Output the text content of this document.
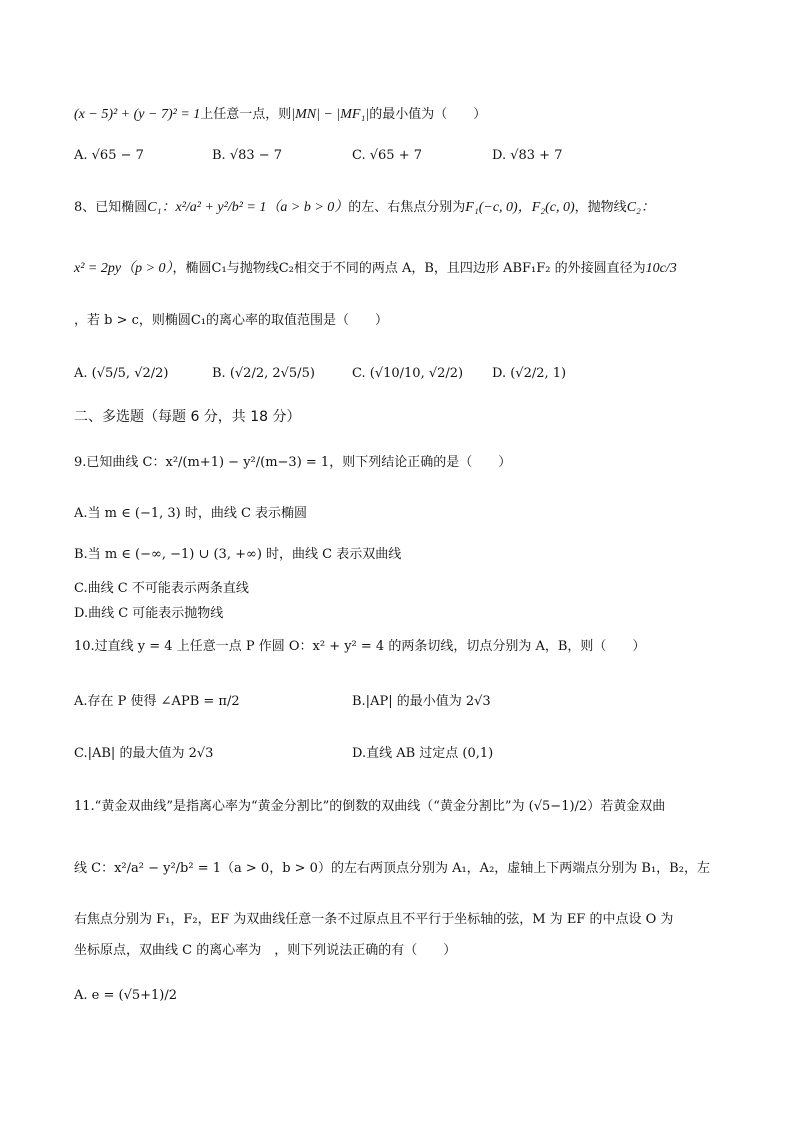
(x − 5)² + (y − 7)² = 1上任意一点，则|MN| − |MF₁|的最小值为（　　）
A. √65 − 7	B. √83 − 7	C. √65 + 7	D. √83 + 7
8、已知椭圆C₁：x²/a² + y²/b² = 1（a > b > 0）的左、右焦点分别为F₁(−c, 0)，F₂(c, 0)，抛物线C₂：
x² = 2py（p > 0），椭圆C₁与抛物线C₂相交于不同的两点 A，B，且四边形 ABF₁F₂ 的外接圆直径为10c/3
，若 b > c，则椭圆C₁的离心率的取值范围是（　　）
A. (√5/5, √2/2)	B. (√2/2, 2√5/5)	C. (√10/10, √2/2) D. (√2/2, 1)
二、多选题（每题 6 分，共 18 分）
9.已知曲线 C：x²/(m+1) − y²/(m−3) = 1，则下列结论正确的是（　　）
A.当 m ∈ (−1, 3) 时，曲线 C 表示椭圆
B.当 m ∈ (−∞, −1) ∪ (3, +∞) 时，曲线 C 表示双曲线
C.曲线 C 不可能表示两条直线
D.曲线 C 可能表示抛物线
10.过直线 y = 4 上任意一点 P 作圆 O：x² + y² = 4 的两条切线，切点分别为 A，B，则（　　）
A.存在 P 使得 ∠APB = π/2	B.|AP| 的最小值为 2√3
C.|AB| 的最大值为 2√3	D.直线 AB 过定点 (0,1)
11.“黄金双曲线”是指离心率为“黄金分割比”的倒数的双曲线（“黄金分割比”为 (√5−1)/2）若黄金双曲
线 C：x²/a² − y²/b² = 1（a > 0，b > 0）的左右两顶点分别为 A₁，A₂，虚轴上下两端点分别为 B₁，B₂，左
右焦点分别为 F₁，F₂，EF 为双曲线任意一条不过原点且不平行于坐标轴的弦，M 为 EF 的中点设 O 为
坐标原点，双曲线 C 的离心率为　，则下列说法正确的有（　　）
A. e = (√5+1)/2
